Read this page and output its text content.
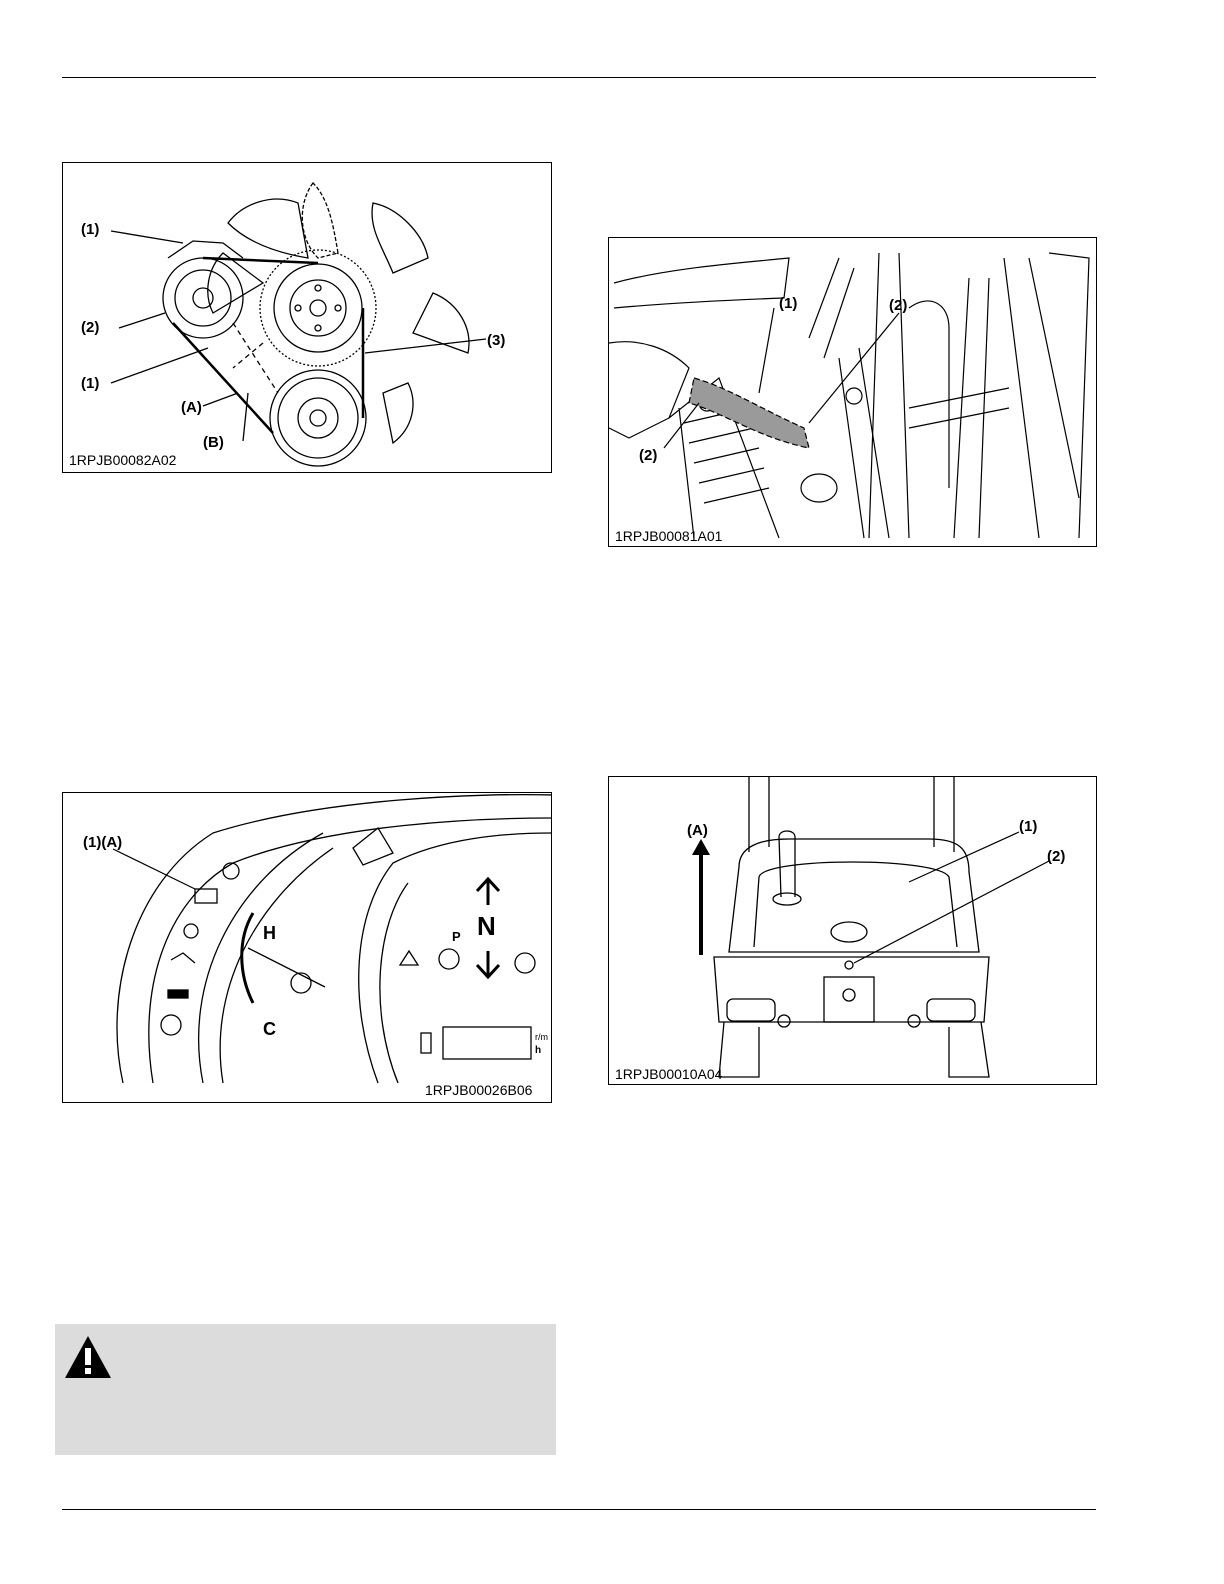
(1)
(2)
(1)
(A)
(B)
(3)
1RPJB00082A02
(1)	(2)
(2)
1RPJB00081A01
(1)(A)
H
C
N
P
r/m
h
1RPJB00026B06
(A)	(1)
(2)
1RPJB00010A04
